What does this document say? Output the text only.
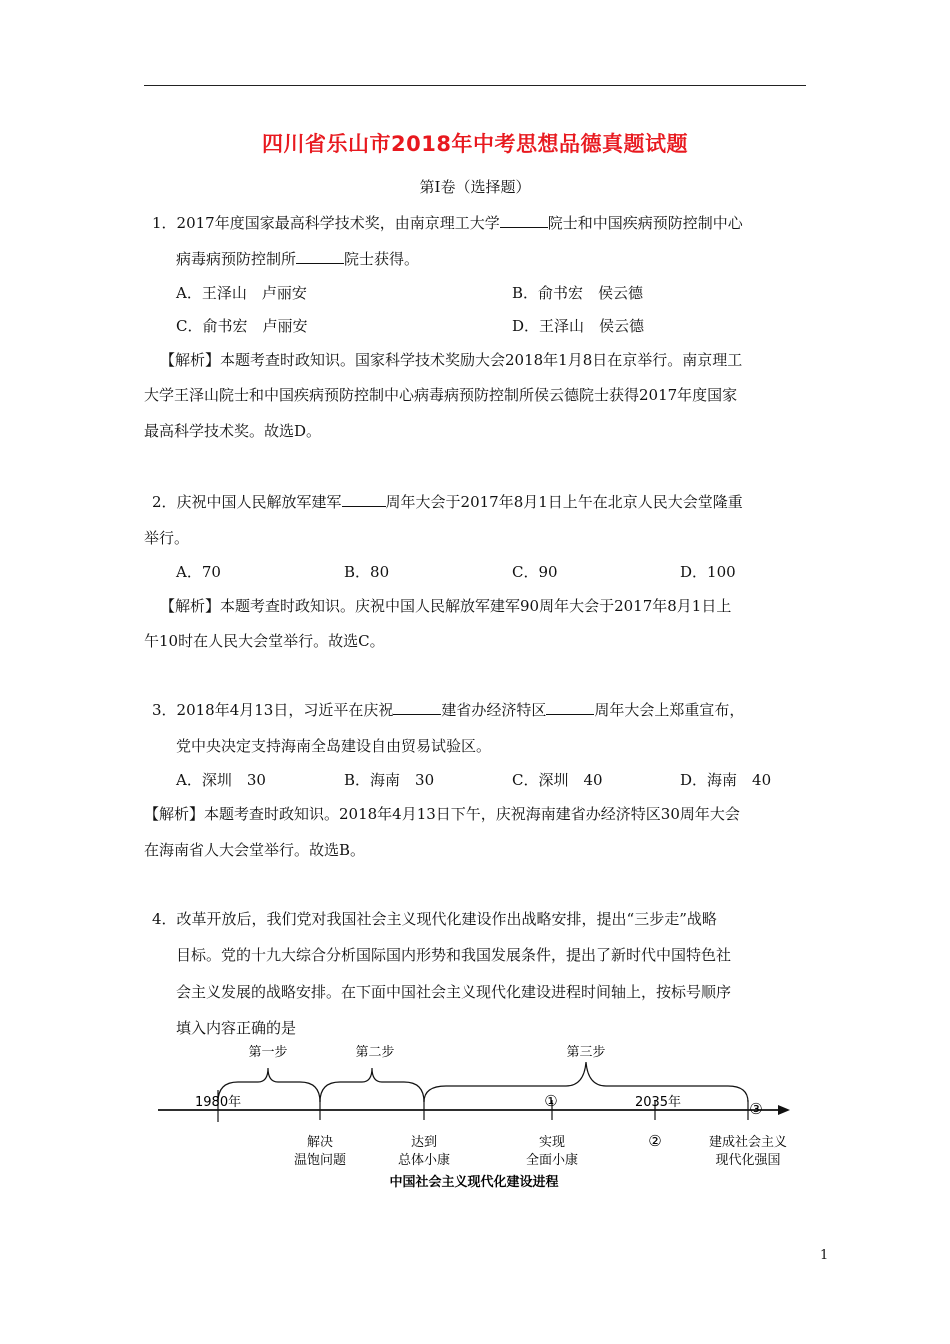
四川省乐山市2018年中考思想品德真题试题
第Ⅰ卷（选择题）
1．2017年度国家最高科学技术奖，由南京理工大学	院士和中国疾病预防控制中心
病毒病预防控制所	院士获得。
A．王泽山　卢丽安	B．俞书宏　侯云德
C．俞书宏　卢丽安	D．王泽山　侯云德
【解析】本题考查时政知识。国家科学技术奖励大会2018年1月8日在京举行。南京理工
大学王泽山院士和中国疾病预防控制中心病毒病预防控制所侯云德院士获得2017年度国家
最高科学技术奖。故选D。
2．庆祝中国人民解放军建军	周年大会于2017年8月1日上午在北京人民大会堂隆重
举行。
A．70	B．80	C．90	D．100
【解析】本题考查时政知识。庆祝中国人民解放军建军90周年大会于2017年8月1日上
午10时在人民大会堂举行。故选C。
3．2018年4月13日，习近平在庆祝	建省办经济特区	周年大会上郑重宣布，
党中央决定支持海南全岛建设自由贸易试验区。
A．深圳　30	B．海南　30	C．深圳　40	D．海南　40
【解析】本题考查时政知识。2018年4月13日下午，庆祝海南建省办经济特区30周年大会
在海南省人大会堂举行。故选B。
4．改革开放后，我们党对我国社会主义现代化建设作出战略安排，提出“三步走”战略
目标。党的十九大综合分析国际国内形势和我国发展条件，提出了新时代中国特色社
会主义发展的战略安排。在下面中国社会主义现代化建设进程时间轴上，按标号顺序
填入内容正确的是
第一步	第二步	第三步
1980年	①	2035年	③
②
解决
温饱问题
达到
总体小康
实现
全面小康
建成社会主义
现代化强国
中国社会主义现代化建设进程
1
